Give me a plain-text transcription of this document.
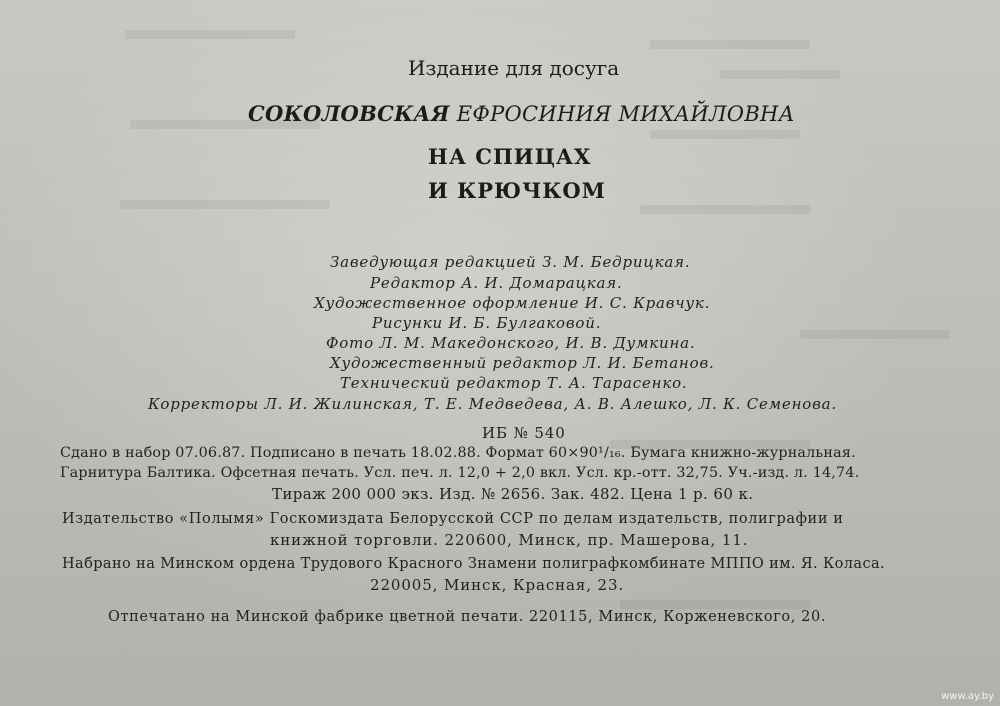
Издание для досуга
СОКОЛОВСКАЯ ЕФРОСИНИЯ МИХАЙЛОВНА
НА СПИЦАХ
И КРЮЧКОМ
Заведующая редакцией З. М. Бедрицкая.
Редактор А. И. Домарацкая.
Художественное оформление И. С. Кравчук.
Рисунки И. Б. Булгаковой.
Фото Л. М. Македонского, И. В. Думкина.
Художественный редактор Л. И. Бетанов.
Технический редактор Т. А. Тарасенко.
Корректоры Л. И. Жилинская, Т. Е. Медведева, А. В. Алешко, Л. К. Семенова.
ИБ № 540
Сдано в набор 07.06.87. Подписано в печать 18.02.88. Формат 60×90¹/₁₆. Бумага книжно-журнальная.
Гарнитура Балтика. Офсетная печать. Усл. печ. л. 12,0 + 2,0 вкл. Усл. кр.-отт. 32,75. Уч.-изд. л. 14,74.
Тираж 200 000 экз. Изд. № 2656. Зак. 482. Цена 1 р. 60 к.
Издательство «Полымя» Госкомиздата Белорусской ССР по делам издательств, полиграфии и
книжной торговли. 220600, Минск, пр. Машерова, 11.
Набрано на Минском ордена Трудового Красного Знамени полиграфкомбинате МППО им. Я. Коласа.
220005, Минск, Красная, 23.
Отпечатано на Минской фабрике цветной печати. 220115, Минск, Корженевского, 20.
www.ay.by
